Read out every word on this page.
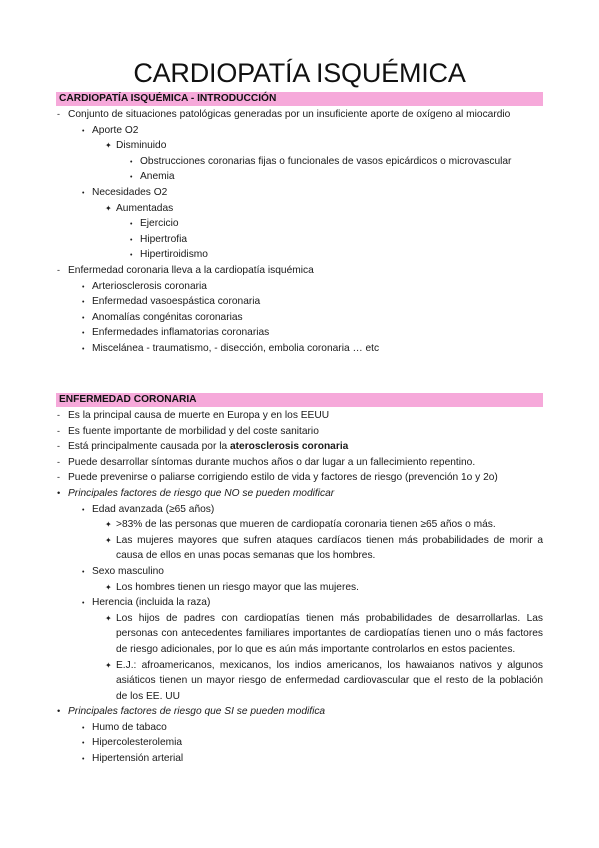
CARDIOPATÍA ISQUÉMICA
CARDIOPATÍA ISQUÉMICA - INTRODUCCIÓN
- Conjunto de situaciones patológicas generadas por un insuficiente aporte de oxígeno al miocardio
• Aporte O2
✦ Disminuido
• Obstrucciones coronarias fijas o funcionales de vasos epicárdicos o microvascular
• Anemia
• Necesidades O2
✦ Aumentadas
• Ejercicio
• Hipertrofia
• Hipertiroidismo
- Enfermedad coronaria lleva a la cardiopatía isquémica
• Arteriosclerosis coronaria
• Enfermedad vasoespástica coronaria
• Anomalías congénitas coronarias
• Enfermedades inflamatorias coronarias
• Miscelánea - traumatismo, - disección, embolia coronaria … etc
ENFERMEDAD CORONARIA
- Es la principal causa de muerte en Europa y en los EEUU
- Es fuente importante de morbilidad y del coste sanitario
- Está principalmente causada por la aterosclerosis coronaria
- Puede desarrollar síntomas durante muchos años o dar lugar a un fallecimiento repentino.
- Puede prevenirse o paliarse corrigiendo estilo de vida y factores de riesgo (prevención 1o y 2o)
• Principales factores de riesgo que NO se pueden modificar
• Edad avanzada (≥65 años)
✦ >83% de las personas que mueren de cardiopatía coronaria tienen ≥65 años o más.
✦ Las mujeres mayores que sufren ataques cardíacos tienen más probabilidades de morir a causa de ellos en unas pocas semanas que los hombres.
• Sexo masculino
✦ Los hombres tienen un riesgo mayor que las mujeres.
• Herencia (incluida la raza)
✦ Los hijos de padres con cardiopatías tienen más probabilidades de desarrollarlas. Las personas con antecedentes familiares importantes de cardiopatías tienen uno o más factores de riesgo adicionales, por lo que es aún más importante controlarlos en estos pacientes.
✦ E.J.: afroamericanos, mexicanos, los indios americanos, los hawaianos nativos y algunos asiáticos tienen un mayor riesgo de enfermedad cardiovascular que el resto de la población de los EE. UU
• Principales factores de riesgo que SI se pueden modifica
• Humo de tabaco
• Hipercolesterolemia
• Hipertensión arterial
